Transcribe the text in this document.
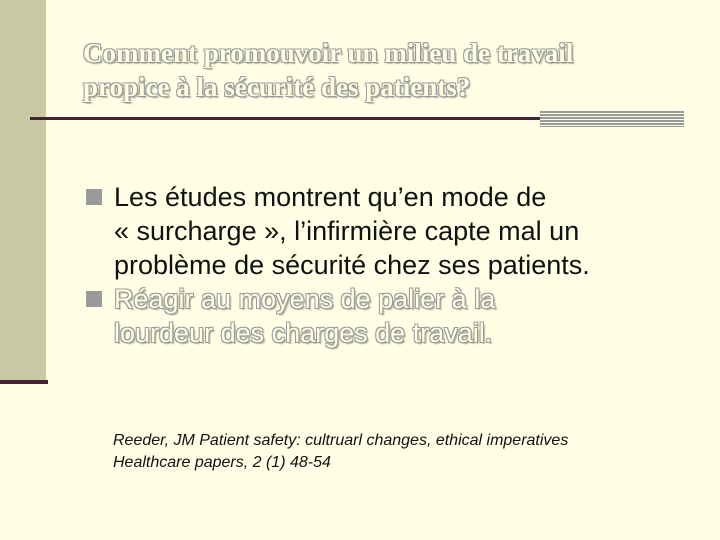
Comment promouvoir un milieu de travail
propice à la sécurité des patients?
Les études montrent qu’en mode de
« surcharge », l’infirmière capte mal un
problème de sécurité chez ses patients.
Réagir au moyens de palier à la
lourdeur des charges de travail.
Reeder, JM Patient safety: cultruarl changes, ethical imperatives
Healthcare papers, 2 (1) 48-54
